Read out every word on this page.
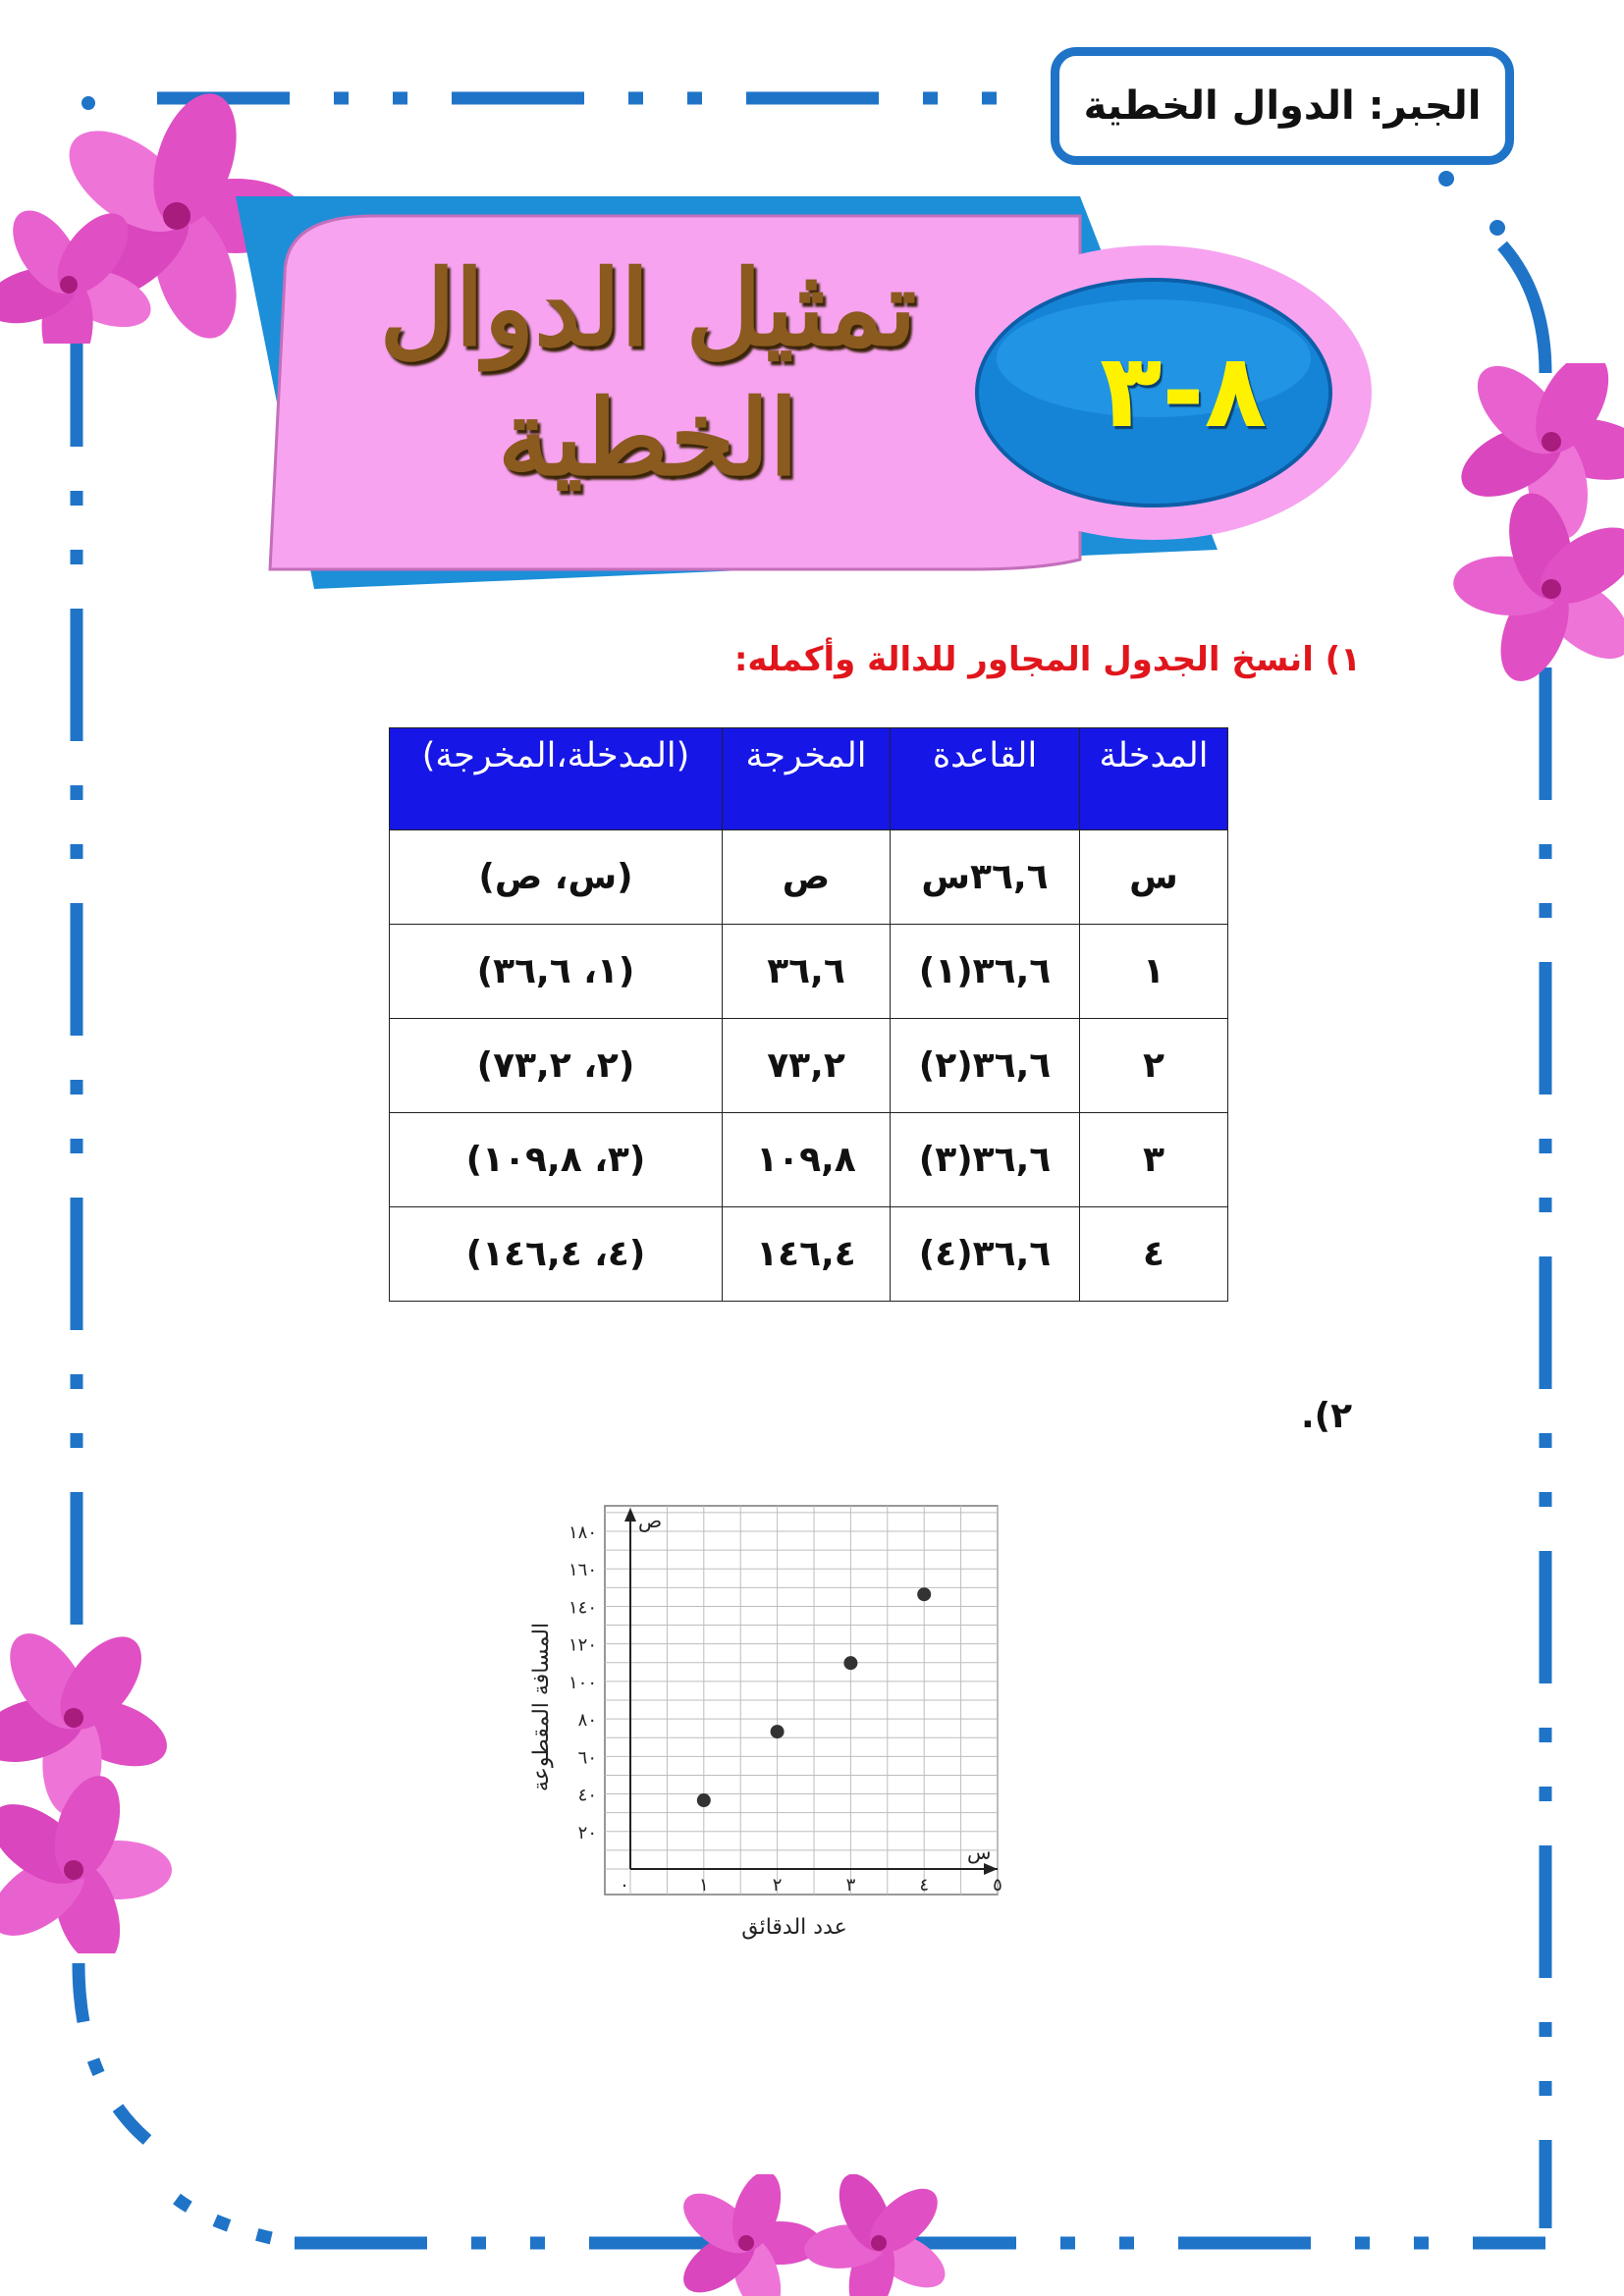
الجبر: الدوال الخطية
تمثيل الدوال الخطية	٨-٣
١) انسخ الجدول المجاور للدالة وأكمله:
المدخلة	القاعدة	المخرجة	(المدخلة،المخرجة)
س	٣٦,٦س	ص	(س، ص)
١	٣٦,٦(١)	٣٦,٦	(١، ٣٦,٦)
٢	٣٦,٦(٢)	٧٣,٢	(٢، ٧٣,٢)
٣	٣٦,٦(٣)	١٠٩,٨	(٣، ١٠٩,٨)
٤	٣٦,٦(٤)	١٤٦,٤	(٤، ١٤٦,٤)
٢).
ص
س
٢٠
٤٠
٦٠
٨٠
١٠٠
١٢٠
١٤٠
١٦٠
١٨٠
١	٢	٣	٤	٥
٠
عدد الدقائق
المسافة المقطوعة
